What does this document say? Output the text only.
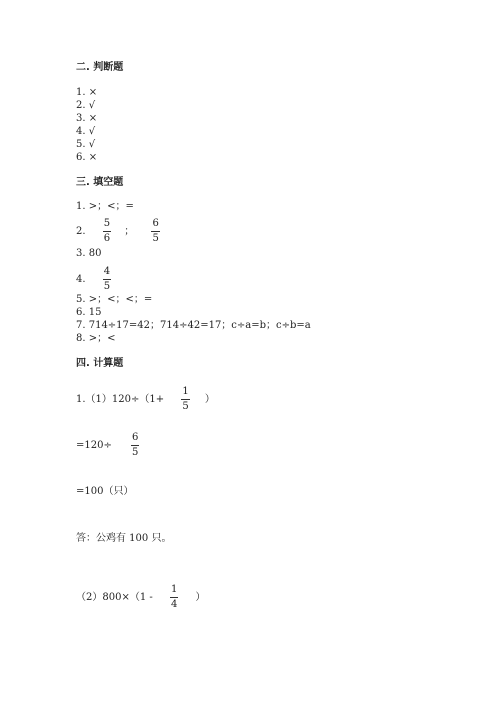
二. 判断题
1. ×
2. √
3. ×
4. √
5. √
6. ×
三. 填空题
1. >；<；=
2. $\frac{5}{6}$ ； $\frac{6}{5}$
3. 80
4. $\frac{4}{5}$
5. >；<；<；=
6. 15
7. 714÷17=42；714÷42=17；c÷a=b；c÷b=a
8. >；<
四. 计算题
$1.(1)120\div(1+ \frac{1}{5}$ ）
$=120\div \frac{6}{5}$
=100（只）
答：公鸡有 100 只。
$(2)800\times(1 - \frac{1}{4}$ ）
